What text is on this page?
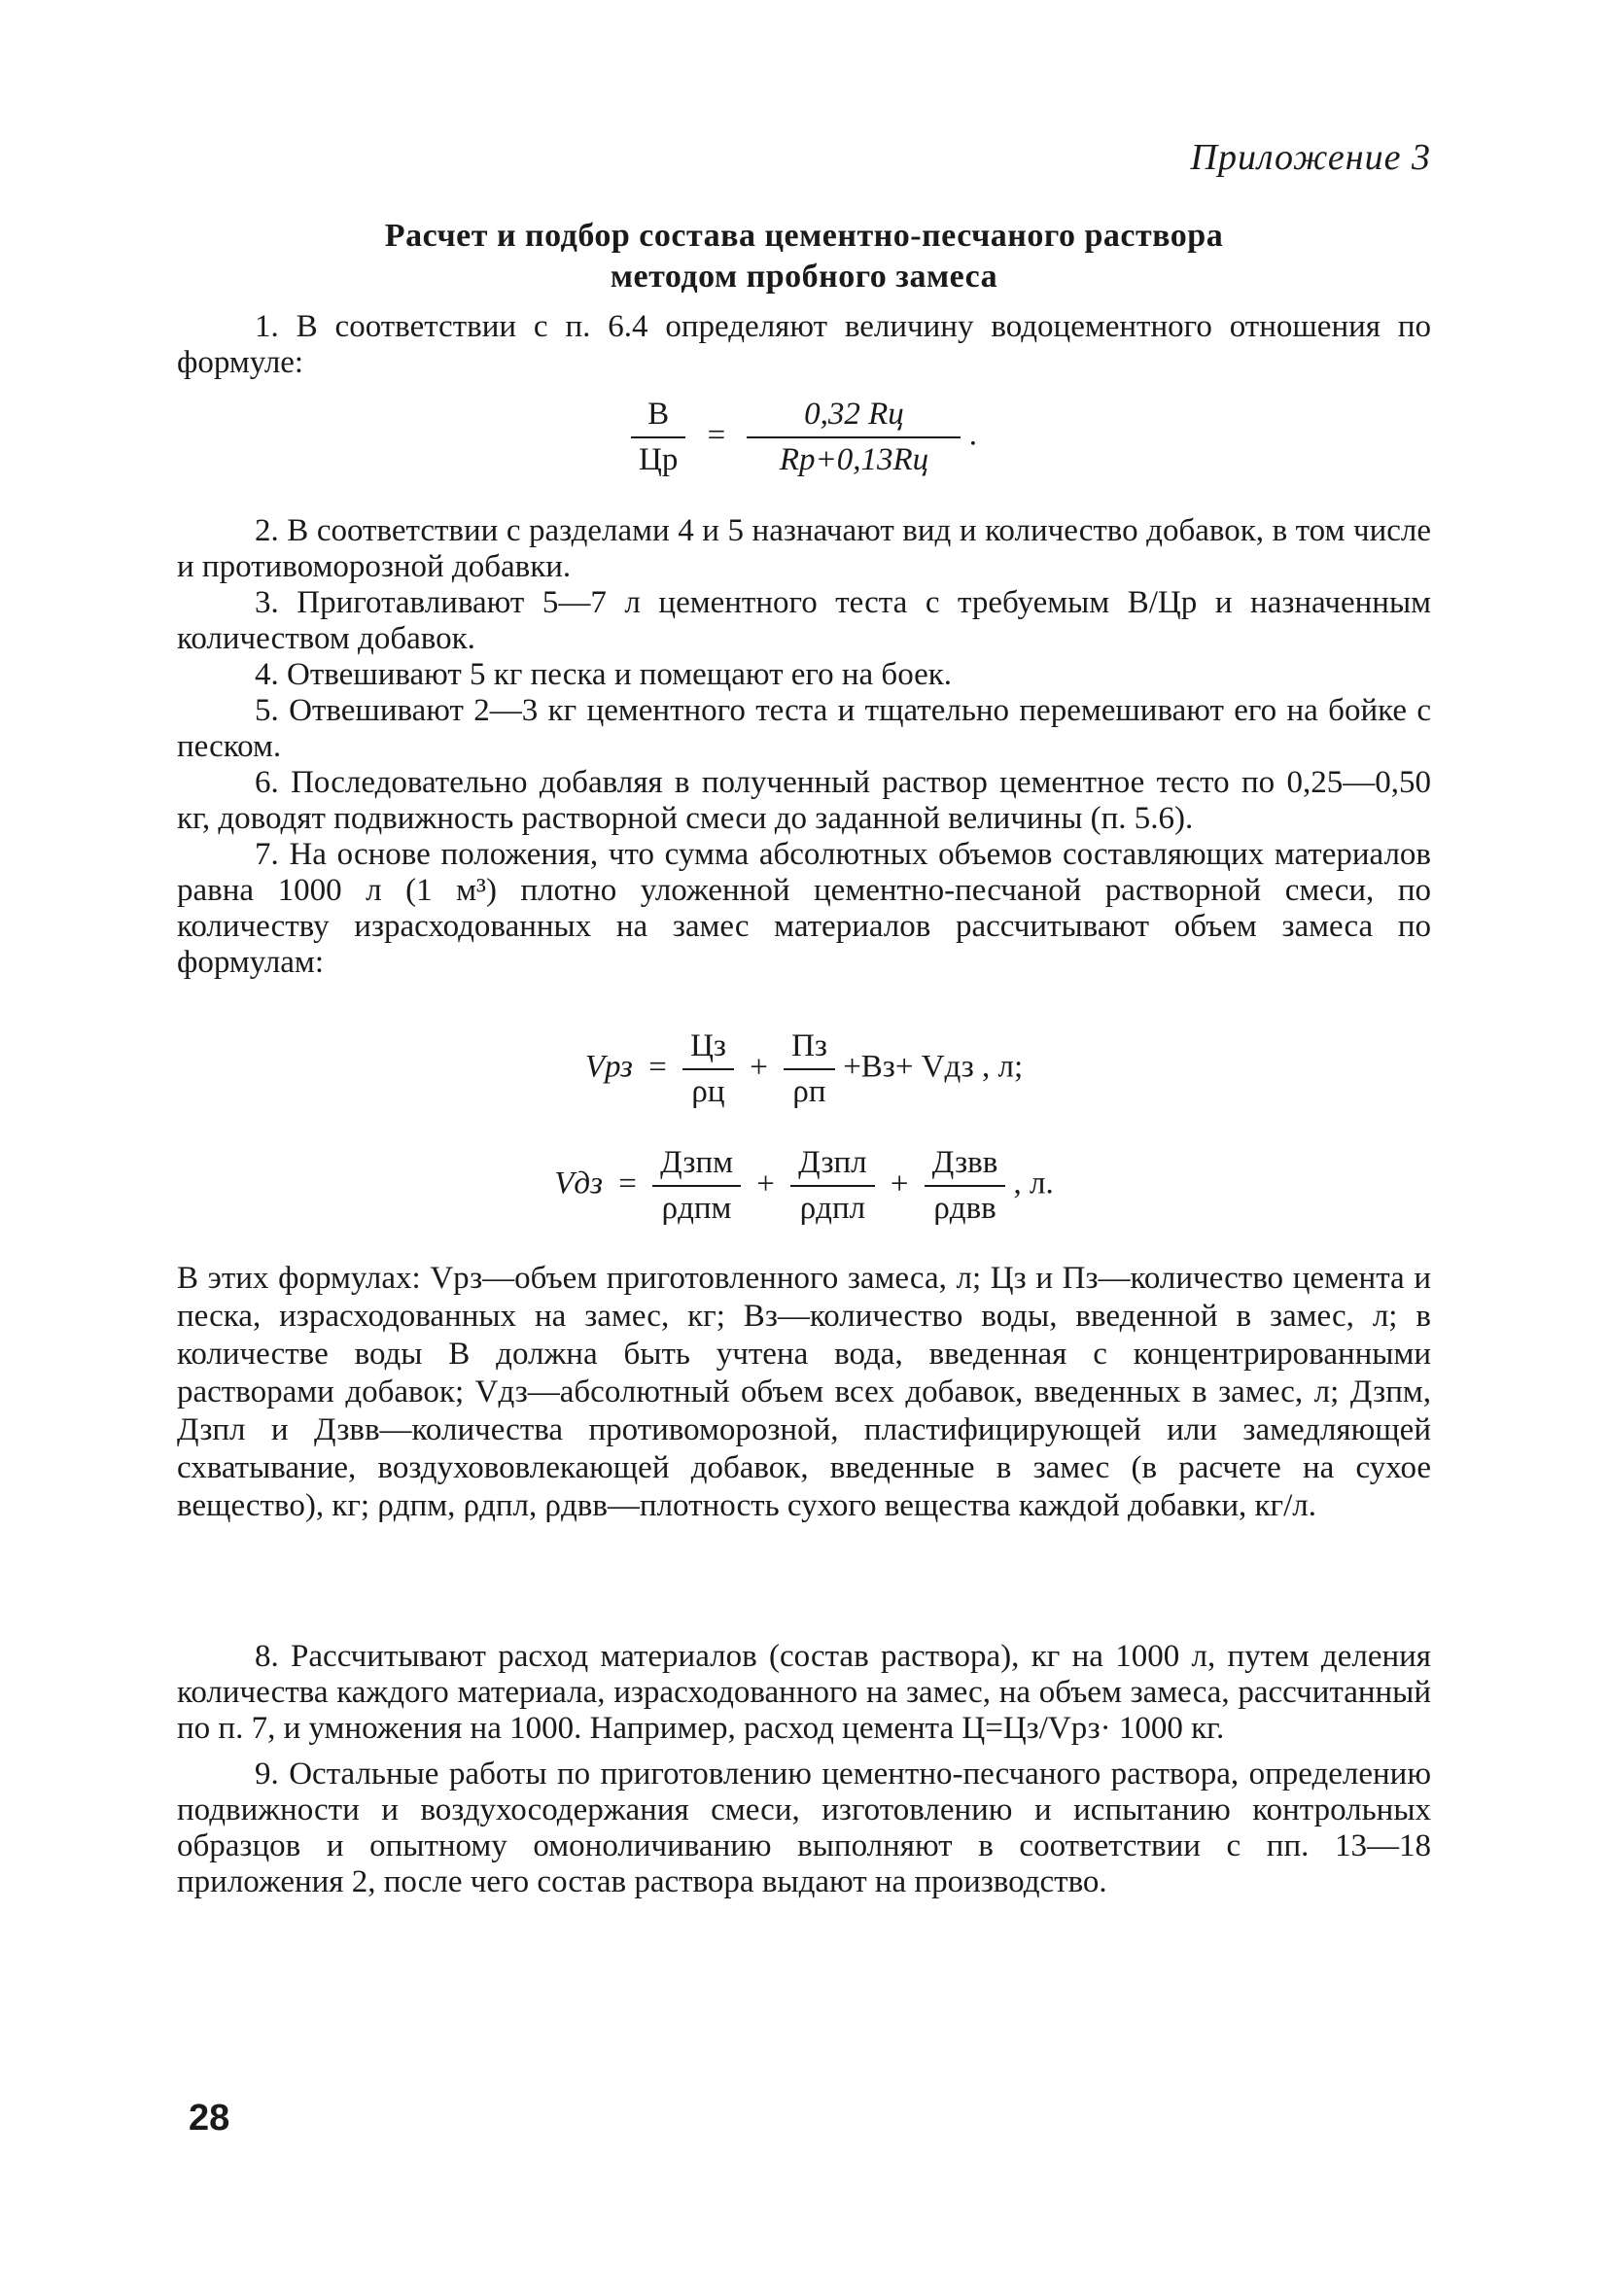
Приложение 3
Расчет и подбор состава цементно-песчаного раствора
методом пробного замеса

1. В соответствии с п. 6.4 определяют величину водоцементного отношения по формуле:

$\frac{В}{Цр} = \frac{0,32 Rц}{Rр+0,13Rц}$ .

2. В соответствии с разделами 4 и 5 назначают вид и количество добавок, в том числе и противоморозной добавки.

3. Приготавливают 5—7 л цементного теста с требуемым В/Цр и назначенным количеством добавок.

4. Отвешивают 5 кг песка и помещают его на боек.

5. Отвешивают 2—3 кг цементного теста и тщательно перемешивают его на бойке с песком.

6. Последовательно добавляя в полученный раствор цементное тесто по 0,25—0,50 кг, доводят подвижность растворной смеси до заданной величины (п. 5.6).

7. На основе положения, что сумма абсолютных объемов составляющих материалов равна 1000 л (1 м³) плотно уложенной цементно-песчаной растворной смеси, по количеству израсходованных на замес материалов рассчитывают объем замеса по формулам:

Vрз = $\frac{Цз}{\rho ц} + \frac{Пз}{\rho п} +Вз+$ Vдз , л;
Vдз = $\frac{\text{Дзпм}}{\text{ρдпм}} + \frac{\text{Дзпл}}{\text{ρдпл}} + \frac{\text{Дзвв}}{\text{ρдвв}}$ , л.

В этих формулах: Vрз—объем приготовленного замеса, л; Цз и Пз—количество цемента и песка, израсходованных на замес, кг; Вз—количество воды, введенной в замес, л; в количестве воды В должна быть учтена вода, введенная с концентрированными растворами добавок; Vдз—абсолютный объем всех добавок, введенных в замес, л; Дзпм, Дзпл и Дзвв—количества противоморозной, пластифицирующей или замедляющей схватывание, воздухововлекающей добавок, введенные в замес (в расчете на сухое вещество), кг; ρдпм, ρдпл, ρдвв—плотность сухого вещества каждой добавки, кг/л.

8. Рассчитывают расход материалов (состав раствора), кг на 1000 л, путем деления количества каждого материала, израсходованного на замес, на объем замеса, рассчитанный по п. 7, и умножения на 1000. Например, расход цемента Ц=Цз/Vрз· 1000 кг.

9. Остальные работы по приготовлению цементно-песчаного раствора, определению подвижности и воздухосодержания смеси, изготовлению и испытанию контрольных образцов и опытному омоноличиванию выполняют в соответствии с пп. 13—18 приложения 2, после чего состав раствора выдают на производство.

28
